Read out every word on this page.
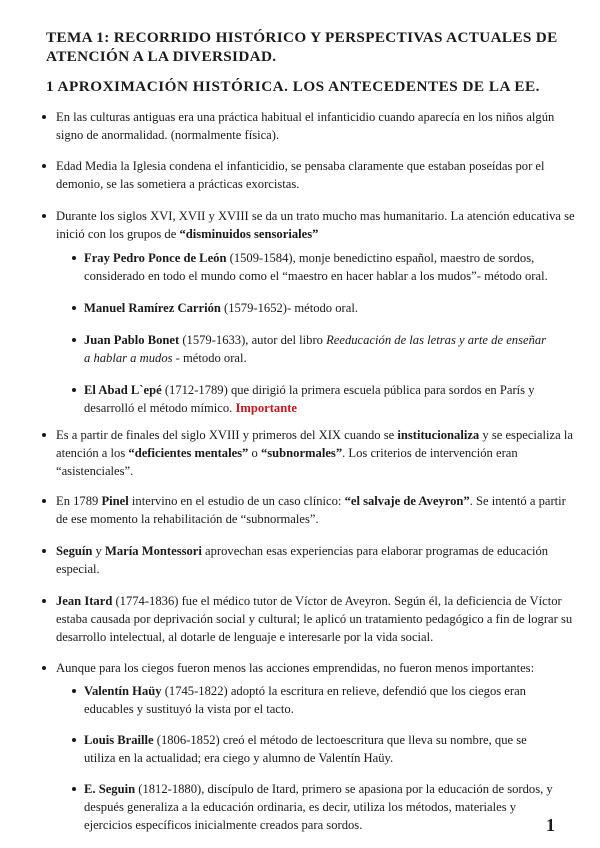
TEMA 1: RECORRIDO HISTÓRICO Y PERSPECTIVAS ACTUALES DE ATENCIÓN A LA DIVERSIDAD.
1 APROXIMACIÓN HISTÓRICA. LOS ANTECEDENTES DE LA EE.
En las culturas antiguas era una práctica habitual el infanticidio cuando aparecía en los niños algún signo de anormalidad. (normalmente física).
Edad Media la Iglesia condena el infanticidio, se pensaba claramente que estaban poseídas por el demonio, se las sometiera a prácticas exorcistas.
Durante los siglos XVI, XVII y XVIII se da un trato mucho mas humanitario. La atención educativa se inició con los grupos de “disminuidos sensoriales”
Fray Pedro Ponce de León (1509-1584), monje benedictino español, maestro de sordos, considerado en todo el mundo como el “maestro en hacer hablar a los mudos”- método oral.
Manuel Ramírez Carrión (1579-1652)- método oral.
Juan Pablo Bonet (1579-1633), autor del libro Reeducación de las letras y arte de enseñar a hablar a mudos - método oral.
El Abad L`epé (1712-1789) que dirigió la primera escuela pública para sordos en París y desarrolló el método mímico. Importante
Es a partir de finales del siglo XVIII y primeros del XIX cuando se institucionaliza y se especializa la atención a los “deficientes mentales” o “subnormales”. Los criterios de intervención eran “asistenciales”.
En 1789 Pinel intervino en el estudio de un caso clínico: “el salvaje de Aveyron”. Se intentó a partir de ese momento la rehabilitación de “subnormales”.
Seguín y María Montessori aprovechan esas experiencias para elaborar programas de educación especial.
Jean Itard (1774-1836) fue el médico tutor de Víctor de Aveyron. Según él, la deficiencia de Víctor estaba causada por deprivación social y cultural; le aplicó un tratamiento pedagógico a fin de lograr su desarrollo intelectual, al dotarle de lenguaje e interesarle por la vida social.
Aunque para los ciegos fueron menos las acciones emprendidas, no fueron menos importantes:
Valentín Haüy (1745-1822) adoptó la escritura en relieve, defendió que los ciegos eran educables y sustituyó la vista por el tacto.
Louis Braille (1806-1852) creó el método de lectoescritura que lleva su nombre, que se utiliza en la actualidad; era ciego y alumno de Valentín Haüy.
E. Seguin (1812-1880), discípulo de Itard, primero se apasiona por la educación de sordos, y después generaliza a la educación ordinaria, es decir, utiliza los métodos, materiales y ejercicios específicos inicialmente creados para sordos.	1
